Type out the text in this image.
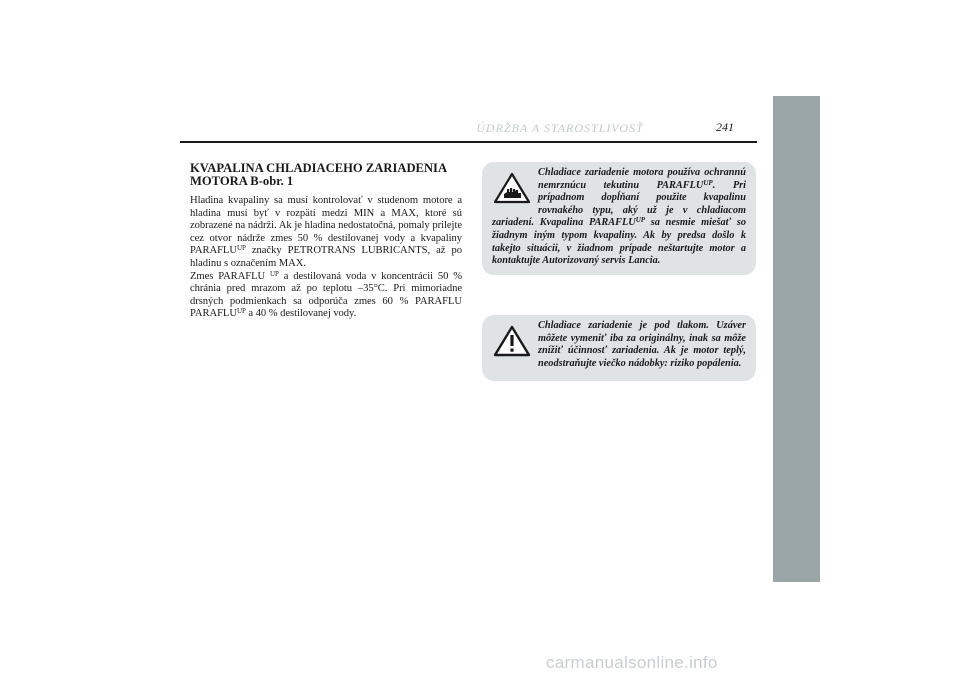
ÚDRŽBA A STAROSTLIVOSŤ	241
KVAPALINA CHLADIACEHO ZARIADENIA
MOTORA B-obr. 1

Hladina kvapaliny sa musí kontrolovať v studenom motore a hladina musí byť v rozpätí medzi MIN a MAX, ktoré sú zobrazené na nádrži. Ak je hladina nedostatočná, pomaly prilejte cez otvor nádrže zmes 50 % destilovanej vody a kvapaliny $PARAFLU^{UP}$ značky PETROTRANS LUBRICANTS, až po hladinu s označením MAX.

Zmes PARAFLU $^{UP}$ a destilovaná voda v koncentrácii 50 % chránia pred mrazom až po teplotu –35°C. Pri mimoriadne drsných podmienkach sa odporúča zmes 60 % PARAFLU $PARAFLU^{UP}$ a 40 % destilovanej vody.

Chladiace zariadenie motora používa ochrannú nemrznúcu tekutinu $PARAFLU^{UP}$. Pri prípadnom dopĺňaní použite kvapalinu rovnakého typu, aký už je v chladiacom zariadení. Kvapalina $PARAFLU^{UP}$ sa nesmie miešať so žiadnym iným typom kvapaliny. Ak by predsa došlo k takejto situácii, v žiadnom prípade neštartujte motor a kontaktujte Autorizovaný servis Lancia.

Chladiace zariadenie je pod tlakom. Uzáver môžete vymeniť iba za originálny, inak sa môže znížiť účinnosť zariadenia. Ak je motor teplý, neodstraňujte viečko nádobky: riziko popálenia.

carmanualsonline.info
